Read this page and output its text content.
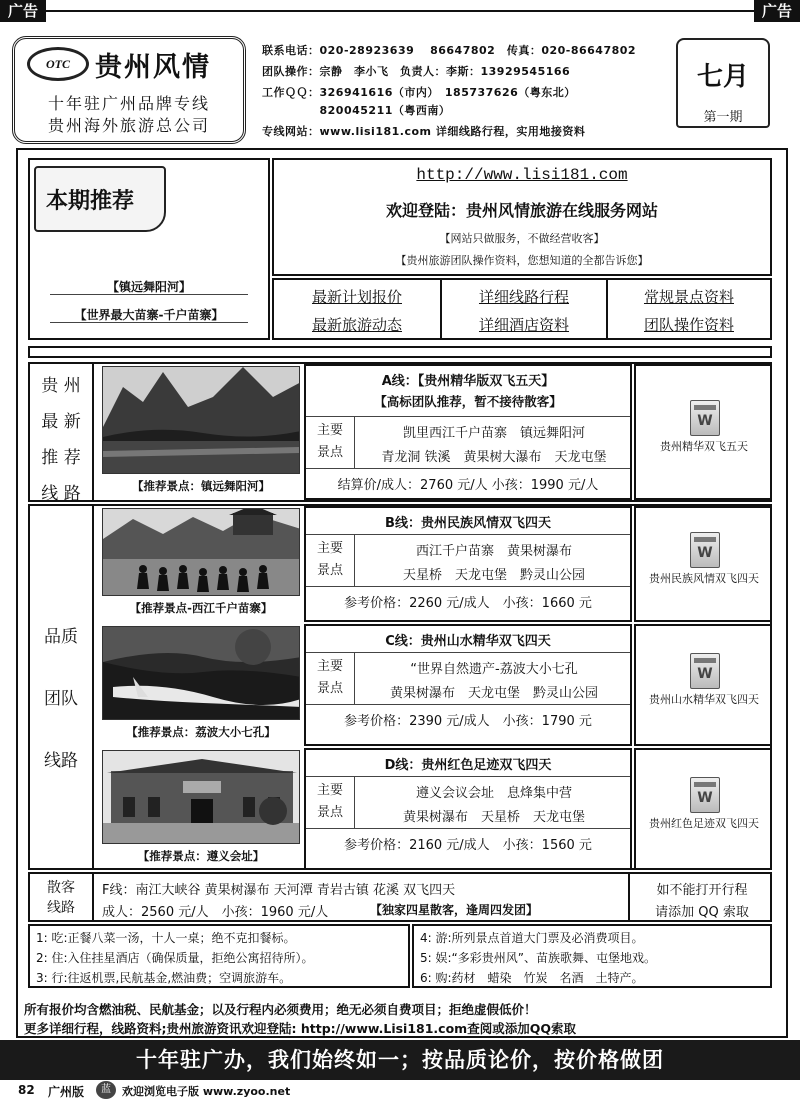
广告	广告
OTC 贵州风情
十年驻广州品牌专线
贵州海外旅游总公司
联系电话：020-28923639　 86647802　传真：020-86647802
团队操作：宗静　李小飞　负责人：李斯：13929545166
工作ＱＱ：326941616（市内）　185737626（粤东北）
　　　　　820045211（粤西南）
专线网站：www.lisi181.com 详细线路行程，实用地接资料
七月
第一期
本期推荐
【镇远舞阳河】
【世界最大苗寨-千户苗寨】
http://www.lisi181.com
欢迎登陆：贵州风情旅游在线服务网站
【网站只做服务，不做经营收客】
【贵州旅游团队操作资料，您想知道的全都告诉您】
最新计划报价
最新旅游动态
详细线路行程
详细酒店资料
常规景点资料
团队操作资料
贵 州
最 新
推 荐
线 路
品质
团队
线路
散客
线路
F线：南江大峡谷 黄果树瀑布 天河潭 青岩古镇 花溪 双飞四天
成人：2560 元/人　小孩：1960 元/人	【独家四星散客，逢周四发团】
如不能打开行程
请添加 QQ 索取
1: 吃:正餐八菜一汤，十人一桌；绝不克扣餐标。
2: 住:入住挂星酒店（确保质量，拒绝公寓招待所）。
3: 行:往返机票,民航基金,燃油费；空调旅游车。
4: 游:所列景点首道大门票及必消费项目。
5: 娱:“多彩贵州风”、苗族歌舞、屯堡地戏。
6: 购:药材　蜡染　竹炭　名酒　土特产。
【推荐景点：镇远舞阳河】
A线：【贵州精华版双飞五天】
【高标团队推荐，暂不接待散客】
主要
景点
凯里西江千户苗寨　镇远舞阳河
青龙洞 铁溪　黄果树大瀑布　天龙屯堡
结算价/成人：2760 元/人 小孩：1990 元/人
W
贵州精华双飞五天
【推荐景点-西江千户苗寨】
B线：贵州民族风情双飞四天
主要
景点
西江千户苗寨　黄果树瀑布
天星桥　天龙屯堡　黔灵山公园
参考价格：2260 元/成人　小孩：1660 元
W
贵州民族风情双飞四天
【推荐景点：荔波大小七孔】
C线：贵州山水精华双飞四天
主要
景点
“世界自然遗产-荔波大小七孔
黄果树瀑布　天龙屯堡　黔灵山公园
参考价格：2390 元/成人　小孩：1790 元
W
贵州山水精华双飞四天
【推荐景点：遵义会址】
D线：贵州红色足迹双飞四天
主要
景点
遵义会议会址　息烽集中营
黄果树瀑布　天星桥　天龙屯堡
参考价格：2160 元/成人　小孩：1560 元
W
贵州红色足迹双飞四天
所有报价均含燃油税、民航基金；以及行程内必须费用；绝无必须自费项目；拒绝虚假低价！
更多详细行程，线路资料;贵州旅游资讯欢迎登陆: http://www.Lisi181.com查阅或添加QQ索取
十年驻广办，我们始终如一；按品质论价，按价格做团
82 广州版	蓝	欢迎浏览电子版 www.zyoo.net
